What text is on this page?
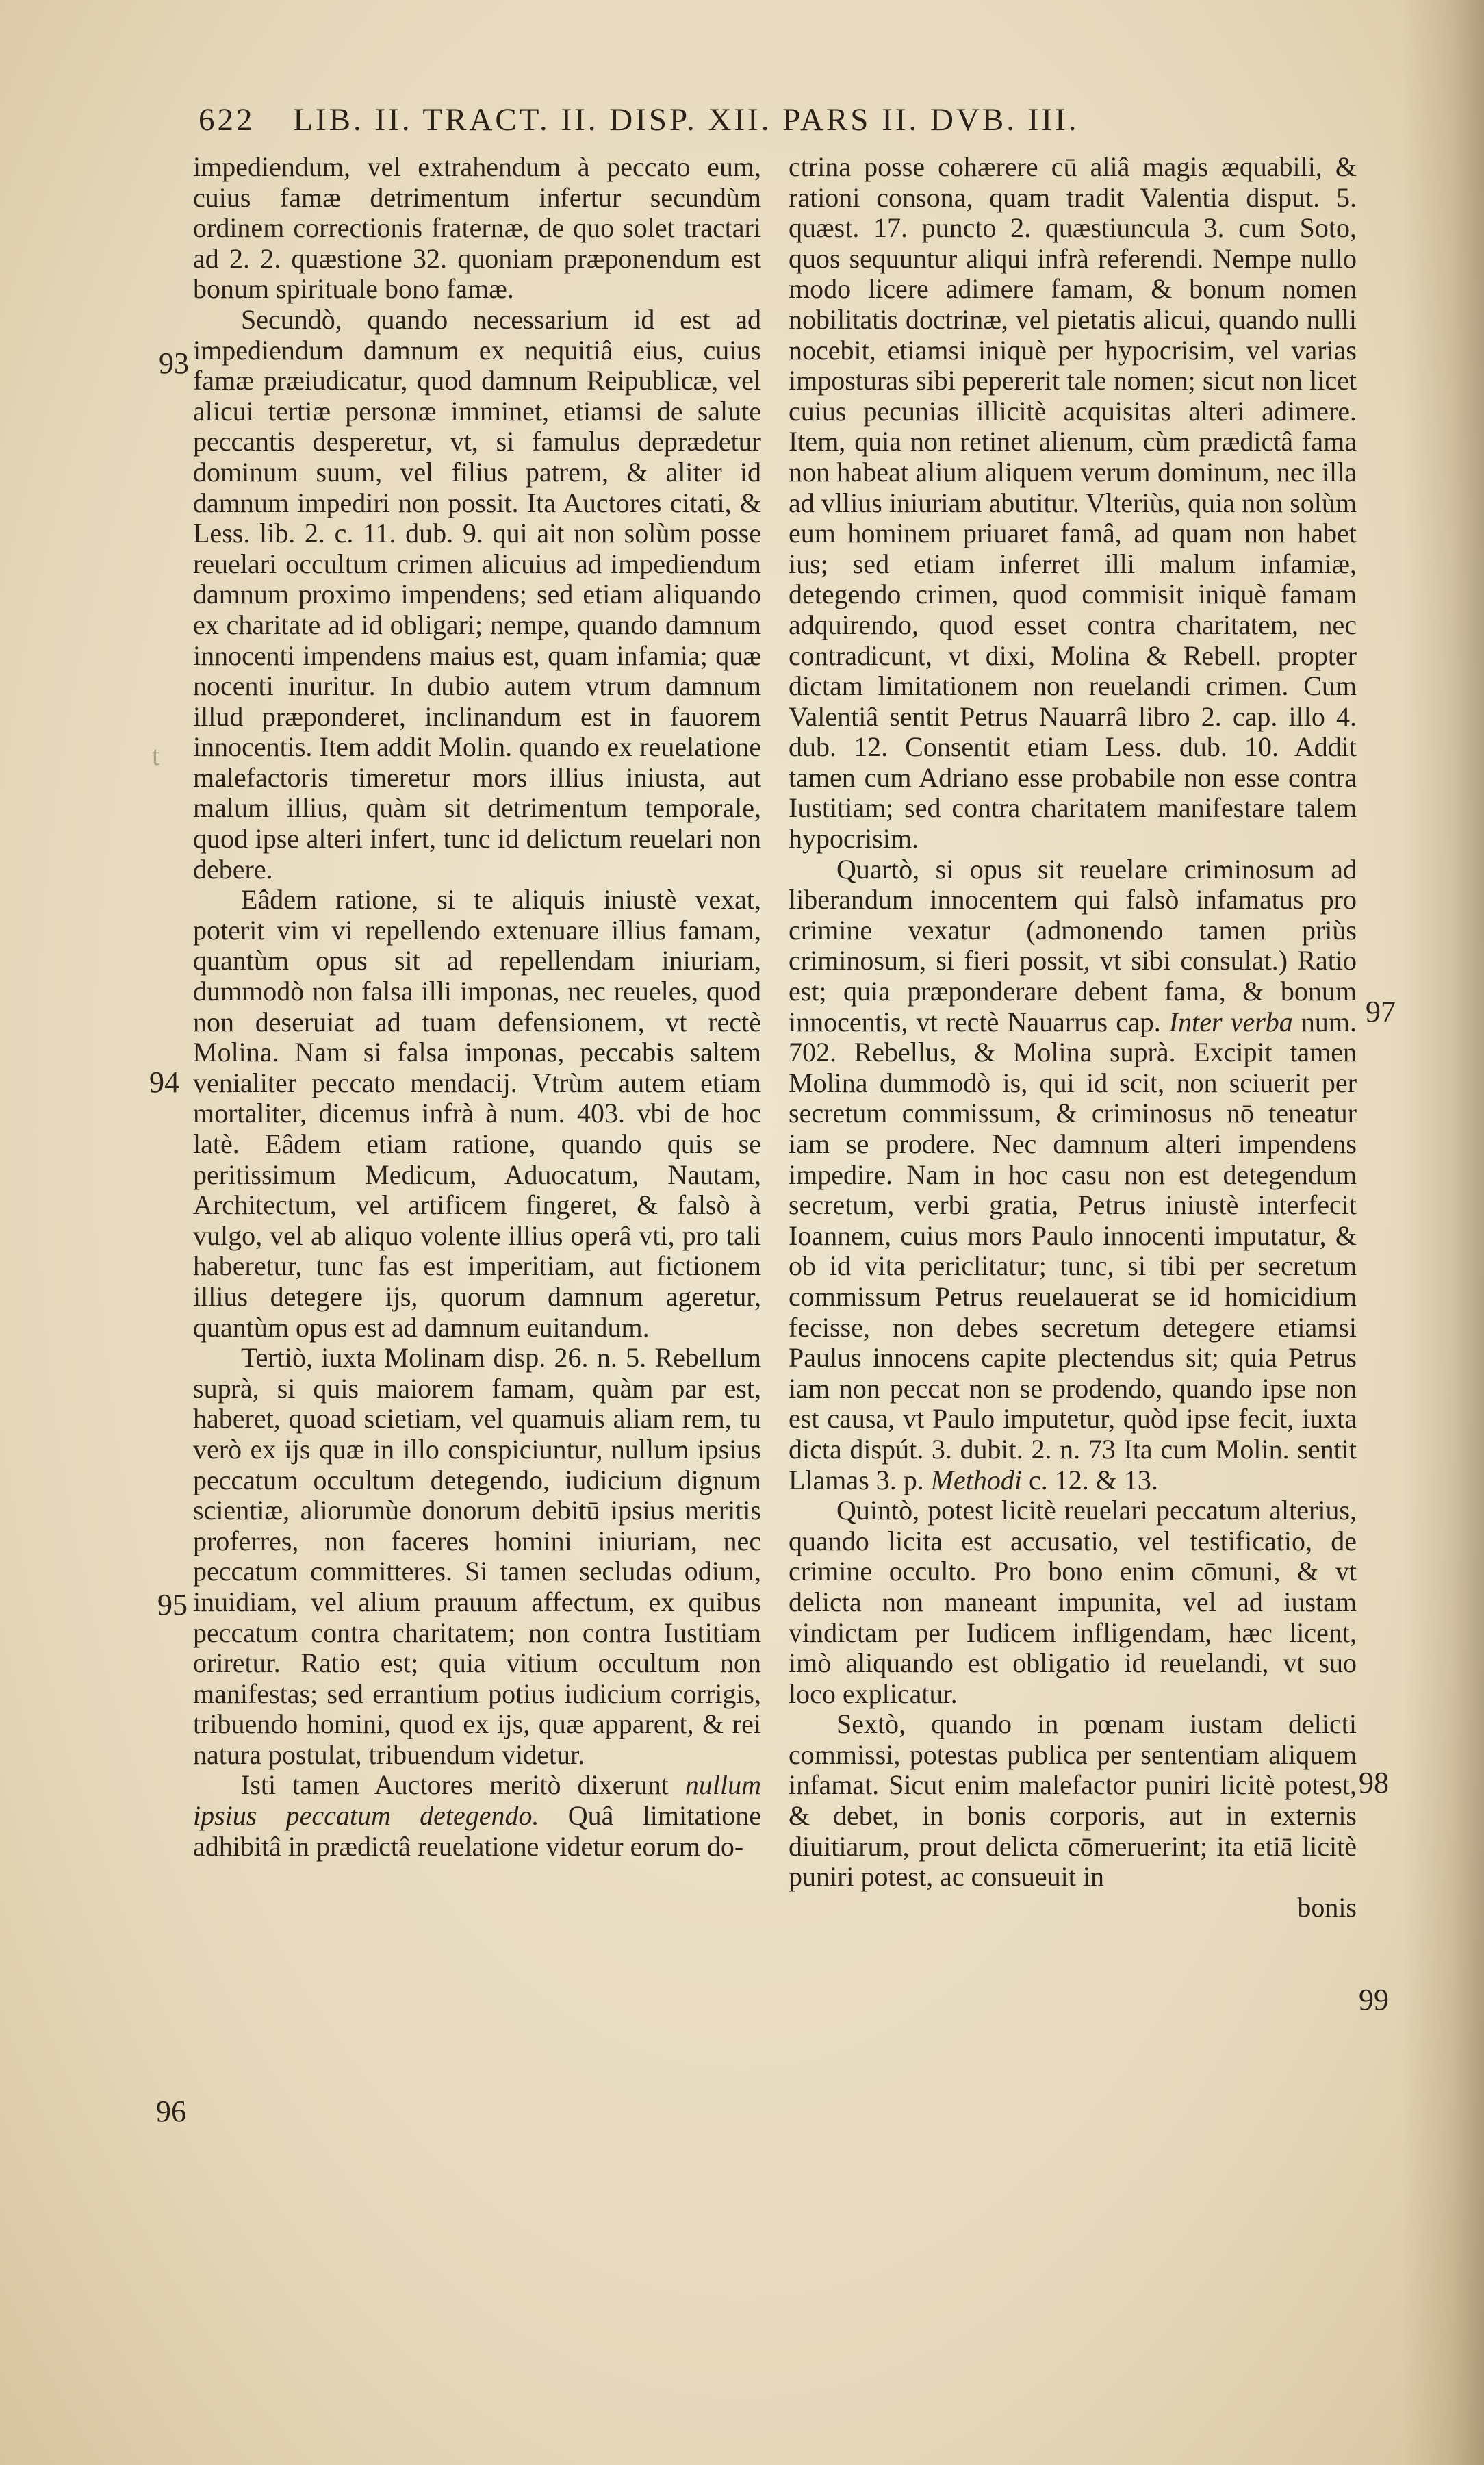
622 LIB. II. TRACT. II. DISP. XII. PARS II. DVB. III.
93
94
95
96
97
98
99
t

impediendum, vel extrahendum à peccato eum, cuius famæ detrimentum infertur secundùm ordinem correctionis fraternæ, de quo solet tractari ad 2. 2. quæstione 32. quoniam præponendum est bonum spirituale bono famæ.

Secundò, quando necessarium id est ad impediendum damnum ex nequitiâ eius, cuius famæ præiudicatur, quod damnum Reipublicæ, vel alicui tertiæ personæ imminet, etiamsi de salute peccantis desperetur, vt, si famulus deprædetur dominum suum, vel filius patrem, & aliter id damnum impediri non possit. Ita Auctores citati, & Less. lib. 2. c. 11. dub. 9. qui ait non solùm posse reuelari occultum crimen alicuius ad impediendum damnum proximo impendens; sed etiam aliquando ex charitate ad id obligari; nempe, quando damnum innocenti impendens maius est, quam infamia; quæ nocenti inuritur. In dubio autem vtrum damnum illud præponderet, inclinandum est in fauorem innocentis. Item addit Molin. quando ex reuelatione malefactoris timeretur mors illius iniusta, aut malum illius, quàm sit detrimentum temporale, quod ipse alteri infert, tunc id delictum reuelari non debere.

Eâdem ratione, si te aliquis iniustè vexat, poterit vim vi repellendo extenuare illius famam, quantùm opus sit ad repellendam iniuriam, dummodò non falsa illi imponas, nec reueles, quod non deseruiat ad tuam defensionem, vt rectè Molina. Nam si falsa imponas, peccabis saltem venialiter peccato mendacij. Vtrùm autem etiam mortaliter, dicemus infrà à num. 403. vbi de hoc latè. Eâdem etiam ratione, quando quis se peritissimum Medicum, Aduocatum, Nautam, Architectum, vel artificem fingeret, & falsò à vulgo, vel ab aliquo volente illius operâ vti, pro tali haberetur, tunc fas est imperitiam, aut fictionem illius detegere ijs, quorum damnum ageretur, quantùm opus est ad damnum euitandum.

Tertiò, iuxta Molinam disp. 26. n. 5. Rebellum suprà, si quis maiorem famam, quàm par est, haberet, quoad scietiam, vel quamuis aliam rem, tu verò ex ijs quæ in illo conspiciuntur, nullum ipsius peccatum occultum detegendo, iudicium dignum scientiæ, aliorumùe donorum debitū ipsius meritis proferres, non faceres homini iniuriam, nec peccatum committeres. Si tamen secludas odium, inuidiam, vel alium prauum affectum, ex quibus peccatum contra charitatem; non contra Iustitiam oriretur. Ratio est; quia vitium occultum non manifestas; sed errantium potius iudicium corrigis, tribuendo homini, quod ex ijs, quæ apparent, & rei natura postulat, tribuendum videtur.

Isti tamen Auctores meritò dixerunt nullum ipsius peccatum detegendo. Quâ limitatione adhibitâ in prædictâ reuelatione videtur eorum do-

ctrina posse cohærere cū aliâ magis æquabili, & rationi consona, quam tradit Valentia disput. 5. quæst. 17. puncto 2. quæstiuncula 3. cum Soto, quos sequuntur aliqui infrà referendi. Nempe nullo modo licere adimere famam, & bonum nomen nobilitatis doctrinæ, vel pietatis alicui, quando nulli nocebit, etiamsi iniquè per hypocrisim, vel varias imposturas sibi pepererit tale nomen; sicut non licet cuius pecunias illicitè acquisitas alteri adimere. Item, quia non retinet alienum, cùm prædictâ fama non habeat alium aliquem verum dominum, nec illa ad vllius iniuriam abutitur. Vlteriùs, quia non solùm eum hominem priuaret famâ, ad quam non habet ius; sed etiam inferret illi malum infamiæ, detegendo crimen, quod commisit iniquè famam adquirendo, quod esset contra charitatem, nec contradicunt, vt dixi, Molina & Rebell. propter dictam limitationem non reuelandi crimen. Cum Valentiâ sentit Petrus Nauarrâ libro 2. cap. illo 4. dub. 12. Consentit etiam Less. dub. 10. Addit tamen cum Adriano esse probabile non esse contra Iustitiam; sed contra charitatem manifestare talem hypocrisim.

Quartò, si opus sit reuelare criminosum ad liberandum innocentem qui falsò infamatus pro crimine vexatur (admonendo tamen priùs criminosum, si fieri possit, vt sibi consulat.) Ratio est; quia præponderare debent fama, & bonum innocentis, vt rectè Nauarrus cap. Inter verba num. 702. Rebellus, & Molina suprà. Excipit tamen Molina dummodò is, qui id scit, non sciuerit per secretum commissum, & criminosus nō teneatur iam se prodere. Nec damnum alteri impendens impedire. Nam in hoc casu non est detegendum secretum, verbi gratia, Petrus iniustè interfecit Ioannem, cuius mors Paulo innocenti imputatur, & ob id vita periclitatur; tunc, si tibi per secretum commissum Petrus reuelauerat se id homicidium fecisse, non debes secretum detegere etiamsi Paulus innocens capite plectendus sit; quia Petrus iam non peccat non se prodendo, quando ipse non est causa, vt Paulo imputetur, quòd ipse fecit, iuxta dicta dispút. 3. dubit. 2. n. 73 Ita cum Molin. sentit Llamas 3. p. Methodi c. 12. & 13.

Quintò, potest licitè reuelari peccatum alterius, quando licita est accusatio, vel testificatio, de crimine occulto. Pro bono enim cōmuni, & vt delicta non maneant impunita, vel ad iustam vindictam per Iudicem infligendam, hæc licent, imò aliquando est obligatio id reuelandi, vt suo loco explicatur.

Sextò, quando in pœnam iustam delicti commissi, potestas publica per sententiam aliquem infamat. Sicut enim malefactor puniri licitè potest, & debet, in bonis corporis, aut in externis diuitiarum, prout delicta cōmeruerint; ita etiā licitè puniri potest, ac consueuit in

bonis
